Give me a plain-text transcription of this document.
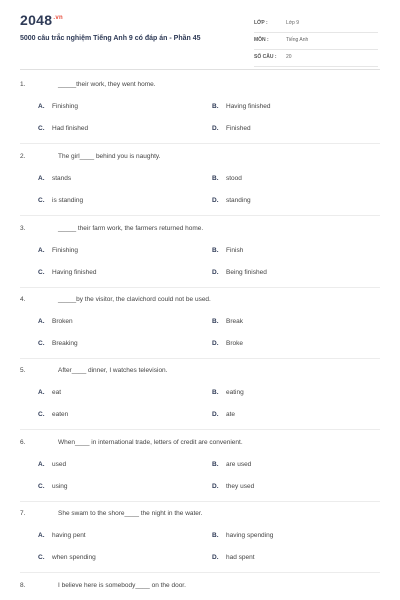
$2048^{.vn}$
5000 câu trắc nghiệm Tiếng Anh 9 có đáp án - Phần 45
LỚP :	Lớp 9
MÔN :	Tiếng Anh
SỐ CÂU : 20
1.	_____their work, they went home.
A. Finishing	B. Having finished
C. Had finished	D. Finished
2.	The girl____ behind you is naughty.
A. stands	B. stood
C. is standing	D. standing
3.	_____ their farm work, the farmers returned home.
A. Finishing	B. Finish
C. Having finished	D. Being finished
4.	_____by the visitor, the clavichord could not be used.
A. Broken	B. Break
C. Breaking	D. Broke
5.	After____ dinner, I watches television.
A. eat	B. eating
C. eaten	D. ate
6.	When____ in international trade, letters of credit are convenient.
A. used	B. are used
C. using	D. they used
7.	She swam to the shore____ the night in the water.
A. having pent	B. having spending
C. when spending	D. had spent
8.	I believe here is somebody____ on the door.
